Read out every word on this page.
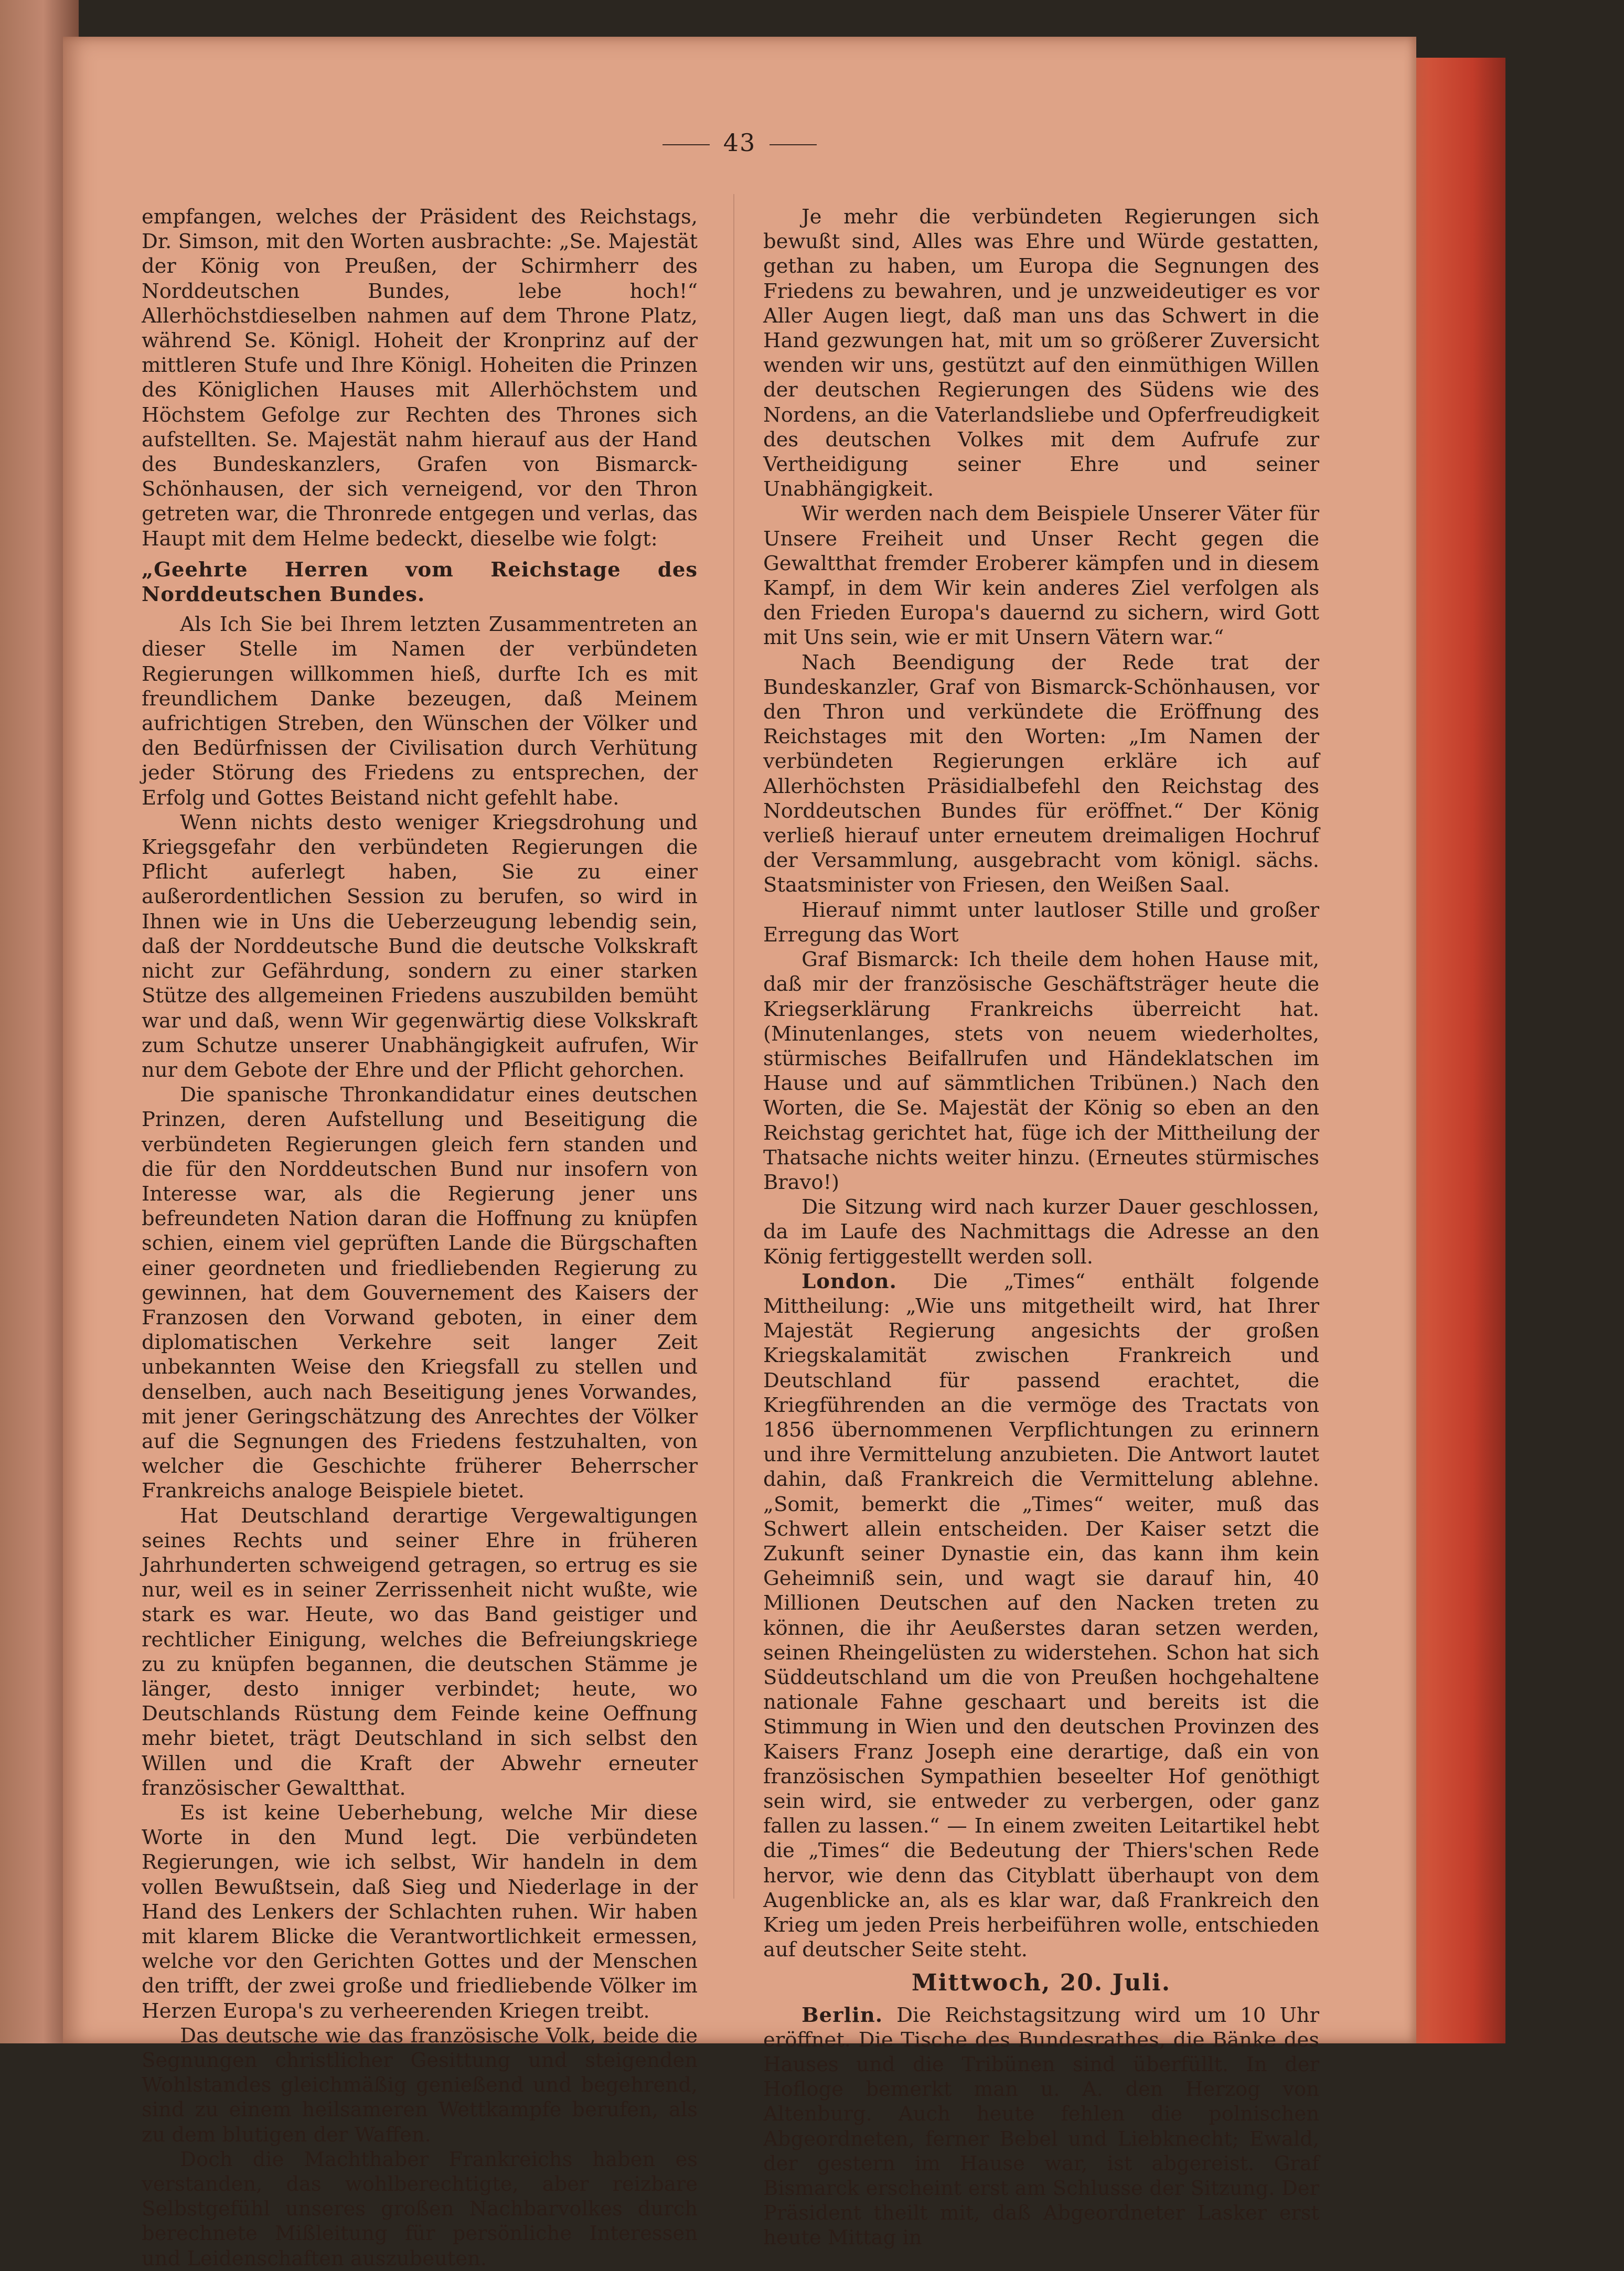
43

empfangen, welches der Präsident des Reichstags, Dr. Simson, mit den Worten ausbrachte: „Se. Majestät der König von Preußen, der Schirmherr des Norddeutschen Bundes, lebe hoch!“ Allerhöchstdieselben nahmen auf dem Throne Platz, während Se. Königl. Hoheit der Kronprinz auf der mittleren Stufe und Ihre Königl. Hoheiten die Prinzen des Königlichen Hauses mit Allerhöchstem und Höchstem Gefolge zur Rechten des Thrones sich aufstellten. Se. Majestät nahm hierauf aus der Hand des Bundeskanzlers, Grafen von Bismarck-Schönhausen, der sich verneigend, vor den Thron getreten war, die Thronrede entgegen und verlas, das Haupt mit dem Helme bedeckt, dieselbe wie folgt:

„Geehrte Herren vom Reichstage des Norddeutschen Bundes.

Als Ich Sie bei Ihrem letzten Zusammentreten an dieser Stelle im Namen der verbündeten Regierungen willkommen hieß, durfte Ich es mit freundlichem Danke bezeugen, daß Meinem aufrichtigen Streben, den Wünschen der Völker und den Bedürfnissen der Civilisation durch Verhütung jeder Störung des Friedens zu entsprechen, der Erfolg und Gottes Beistand nicht gefehlt habe.

Wenn nichts desto weniger Kriegsdrohung und Kriegsgefahr den verbündeten Regierungen die Pflicht auferlegt haben, Sie zu einer außerordentlichen Session zu berufen, so wird in Ihnen wie in Uns die Ueberzeugung lebendig sein, daß der Norddeutsche Bund die deutsche Volkskraft nicht zur Gefährdung, sondern zu einer starken Stütze des allgemeinen Friedens auszubilden bemüht war und daß, wenn Wir gegenwärtig diese Volkskraft zum Schutze unserer Unabhängigkeit aufrufen, Wir nur dem Gebote der Ehre und der Pflicht gehorchen.

Die spanische Thronkandidatur eines deutschen Prinzen, deren Aufstellung und Beseitigung die verbündeten Regierungen gleich fern standen und die für den Norddeutschen Bund nur insofern von Interesse war, als die Regierung jener uns befreundeten Nation daran die Hoffnung zu knüpfen schien, einem viel geprüften Lande die Bürgschaften einer geordneten und friedliebenden Regierung zu gewinnen, hat dem Gouvernement des Kaisers der Franzosen den Vorwand geboten, in einer dem diplomatischen Verkehre seit langer Zeit unbekannten Weise den Kriegsfall zu stellen und denselben, auch nach Beseitigung jenes Vorwandes, mit jener Geringschätzung des Anrechtes der Völker auf die Segnungen des Friedens festzuhalten, von welcher die Geschichte früherer Beherrscher Frankreichs analoge Beispiele bietet.

Hat Deutschland derartige Vergewaltigungen seines Rechts und seiner Ehre in früheren Jahrhunderten schweigend getragen, so ertrug es sie nur, weil es in seiner Zerrissenheit nicht wußte, wie stark es war. Heute, wo das Band geistiger und rechtlicher Einigung, welches die Befreiungskriege zu zu knüpfen begannen, die deutschen Stämme je länger, desto inniger verbindet; heute, wo Deutschlands Rüstung dem Feinde keine Oeffnung mehr bietet, trägt Deutschland in sich selbst den Willen und die Kraft der Abwehr erneuter französischer Gewaltthat.

Es ist keine Ueberhebung, welche Mir diese Worte in den Mund legt. Die verbündeten Regierungen, wie ich selbst, Wir handeln in dem vollen Bewußtsein, daß Sieg und Niederlage in der Hand des Lenkers der Schlachten ruhen. Wir haben mit klarem Blicke die Verantwortlichkeit ermessen, welche vor den Gerichten Gottes und der Menschen den trifft, der zwei große und friedliebende Völker im Herzen Europa's zu verheerenden Kriegen treibt.

Das deutsche wie das französische Volk, beide die Segnungen christlicher Gesittung und steigenden Wohlstandes gleichmäßig genießend und begehrend, sind zu einem heilsameren Wettkampfe berufen, als zu dem blutigen der Waffen.

Doch die Machthaber Frankreichs haben es verstanden, das wohlberechtigte, aber reizbare Selbstgefühl unseres großen Nachbarvolkes durch berechnete Mißleitung für persönliche Interessen und Leidenschaften auszubeuten.

Je mehr die verbündeten Regierungen sich bewußt sind, Alles was Ehre und Würde gestatten, gethan zu haben, um Europa die Segnungen des Friedens zu bewahren, und je unzweideutiger es vor Aller Augen liegt, daß man uns das Schwert in die Hand gezwungen hat, mit um so größerer Zuversicht wenden wir uns, gestützt auf den einmüthigen Willen der deutschen Regierungen des Südens wie des Nordens, an die Vaterlandsliebe und Opferfreudigkeit des deutschen Volkes mit dem Aufrufe zur Vertheidigung seiner Ehre und seiner Unabhängigkeit.

Wir werden nach dem Beispiele Unserer Väter für Unsere Freiheit und Unser Recht gegen die Gewaltthat fremder Eroberer kämpfen und in diesem Kampf, in dem Wir kein anderes Ziel verfolgen als den Frieden Europa's dauernd zu sichern, wird Gott mit Uns sein, wie er mit Unsern Vätern war.“

Nach Beendigung der Rede trat der Bundeskanzler, Graf von Bismarck-Schönhausen, vor den Thron und verkündete die Eröffnung des Reichstages mit den Worten: „Im Namen der verbündeten Regierungen erkläre ich auf Allerhöchsten Präsidialbefehl den Reichstag des Norddeutschen Bundes für eröffnet.“ Der König verließ hierauf unter erneutem dreimaligen Hochruf der Versammlung, ausgebracht vom königl. sächs. Staatsminister von Friesen, den Weißen Saal.

Hierauf nimmt unter lautloser Stille und großer Erregung das Wort

Graf Bismarck: Ich theile dem hohen Hause mit, daß mir der französische Geschäftsträger heute die Kriegserklärung Frankreichs überreicht hat. (Minutenlanges, stets von neuem wiederholtes, stürmisches Beifallrufen und Händeklatschen im Hause und auf sämmtlichen Tribünen.) Nach den Worten, die Se. Majestät der König so eben an den Reichstag gerichtet hat, füge ich der Mittheilung der Thatsache nichts weiter hinzu. (Erneutes stürmisches Bravo!)

Die Sitzung wird nach kurzer Dauer geschlossen, da im Laufe des Nachmittags die Adresse an den König fertiggestellt werden soll.

London. Die „Times“ enthält folgende Mittheilung: „Wie uns mitgetheilt wird, hat Ihrer Majestät Regierung angesichts der großen Kriegskalamität zwischen Frankreich und Deutschland für passend erachtet, die Kriegführenden an die vermöge des Tractats von 1856 übernommenen Verpflichtungen zu erinnern und ihre Vermittelung anzubieten. Die Antwort lautet dahin, daß Frankreich die Vermittelung ablehne. „Somit, bemerkt die „Times“ weiter, muß das Schwert allein entscheiden. Der Kaiser setzt die Zukunft seiner Dynastie ein, das kann ihm kein Geheimniß sein, und wagt sie darauf hin, 40 Millionen Deutschen auf den Nacken treten zu können, die ihr Aeußerstes daran setzen werden, seinen Rheingelüsten zu widerstehen. Schon hat sich Süddeutschland um die von Preußen hochgehaltene nationale Fahne geschaart und bereits ist die Stimmung in Wien und den deutschen Provinzen des Kaisers Franz Joseph eine derartige, daß ein von französischen Sympathien beseelter Hof genöthigt sein wird, sie entweder zu verbergen, oder ganz fallen zu lassen.“ — In einem zweiten Leitartikel hebt die „Times“ die Bedeutung der Thiers'schen Rede hervor, wie denn das Cityblatt überhaupt von dem Augenblicke an, als es klar war, daß Frankreich den Krieg um jeden Preis herbeiführen wolle, entschieden auf deutscher Seite steht.

Mittwoch, 20. Juli.

Berlin. Die Reichstagsitzung wird um 10 Uhr eröffnet. Die Tische des Bundesrathes, die Bänke des Hauses und die Tribünen sind überfüllt. In der Hofloge bemerkt man u. A. den Herzog von Altenburg. Auch heute fehlen die polnischen Abgeordneten, ferner Bebel und Liebknecht; Ewald, der gestern im Hause war, ist abgereist. Graf Bismarck erscheint erst am Schlusse der Sitzung. Der Präsident theilt mit, daß Abgeordneter Lasker erst heute Mittag in
